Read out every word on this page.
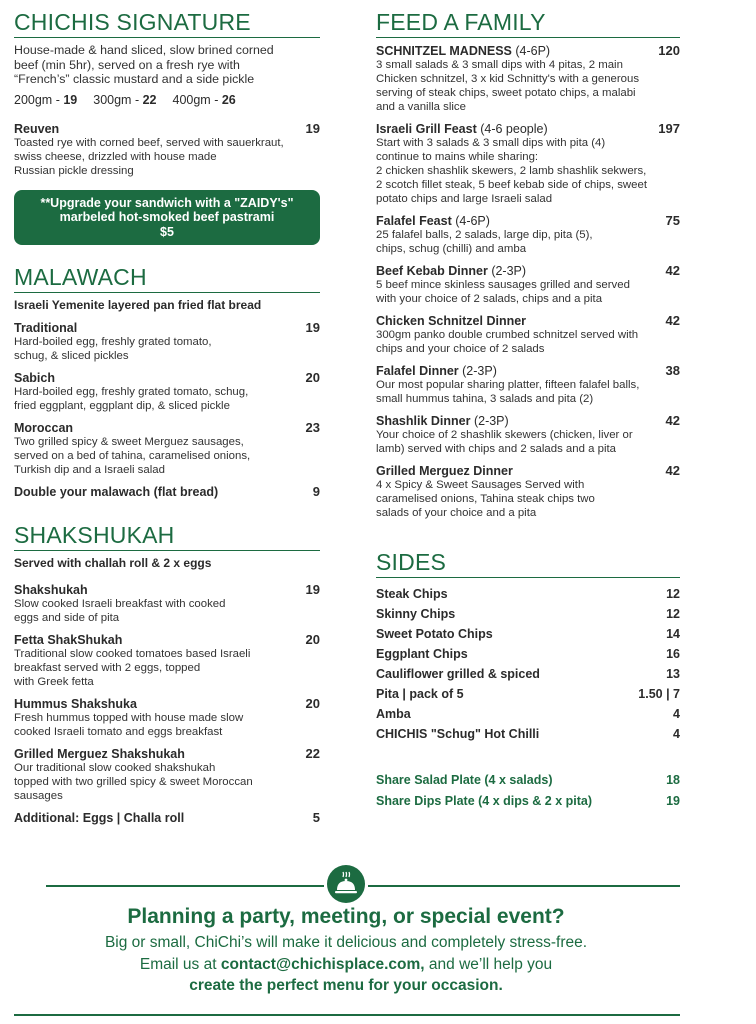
CHICHIS SIGNATURE
House-made & hand sliced, slow brined corned
beef (min 5hr), served on a fresh rye with
“French’s” classic mustard and a side pickle
200gm - 19 300gm - 22 400gm - 26
Reuven	19
Toasted rye with corned beef, served with sauerkraut,
swiss cheese, drizzled with house made
Russian pickle dressing
**Upgrade your sandwich with a "ZAIDY's"
marbeled hot-smoked beef pastrami
$5
MALAWACH
Israeli Yemenite layered pan fried flat bread
Traditional	19
Hard-boiled egg, freshly grated tomato,
schug, & sliced pickles
Sabich	20
Hard-boiled egg, freshly grated tomato, schug,
fried eggplant, eggplant dip, & sliced pickle
Moroccan	23
Two grilled spicy & sweet Merguez sausages,
served on a bed of tahina, caramelised onions,
Turkish dip and a Israeli salad
Double your malawach (flat bread)	9
SHAKSHUKAH
Served with challah roll & 2 x eggs
Shakshukah	19
Slow cooked Israeli breakfast with cooked
eggs and side of pita
Fetta ShakShukah	20
Traditional slow cooked tomatoes based Israeli
breakfast served with 2 eggs, topped
with Greek fetta
Hummus Shakshuka	20
Fresh hummus topped with house made slow
cooked Israeli tomato and eggs breakfast
Grilled Merguez Shakshukah	22
Our traditional slow cooked shakshukah
topped with two grilled spicy & sweet Moroccan
sausages
Additional: Eggs | Challa roll	5
FEED A FAMILY
SCHNITZEL MADNESS (4-6P)	120
3 small salads & 3 small dips with 4 pitas, 2 main
Chicken schnitzel, 3 x kid Schnitty's with a generous
serving of steak chips, sweet potato chips, a malabi
and a vanilla slice
Israeli Grill Feast (4-6 people)	197
Start with 3 salads & 3 small dips with pita (4)
continue to mains while sharing:
2 chicken shashlik skewers, 2 lamb shashlik sekwers,
2 scotch fillet steak, 5 beef kebab side of chips, sweet
potato chips and large Israeli salad
Falafel Feast (4-6P)	75
25 falafel balls, 2 salads, large dip, pita (5),
chips, schug (chilli) and amba
Beef Kebab Dinner (2-3P)	42
5 beef mince skinless sausages grilled and served
with your choice of 2 salads, chips and a pita
Chicken Schnitzel Dinner	42
300gm panko double crumbed schnitzel served with
chips and your choice of 2 salads
Falafel Dinner (2-3P)	38
Our most popular sharing platter, fifteen falafel balls,
small hummus tahina, 3 salads and pita (2)
Shashlik Dinner (2-3P)	42
Your choice of 2 shashlik skewers (chicken, liver or
lamb) served with chips and 2 salads and a pita
Grilled Merguez Dinner	42
4 x Spicy & Sweet Sausages Served with
caramelised onions, Tahina steak chips two
salads of your choice and a pita
SIDES
Steak Chips	12
Skinny Chips	12
Sweet Potato Chips	14
Eggplant Chips	16
Cauliflower grilled & spiced	13
Pita | pack of 5	1.50 | 7
Amba	4
CHICHIS "Schug" Hot Chilli	4
Share Salad Plate (4 x salads)	18
Share Dips Plate (4 x dips & 2 x pita)	19
Planning a party, meeting, or special event?
Big or small, ChiChi’s will make it delicious and completely stress-free.
Email us at contact@chichisplace.com, and we’ll help you
create the perfect menu for your occasion.
